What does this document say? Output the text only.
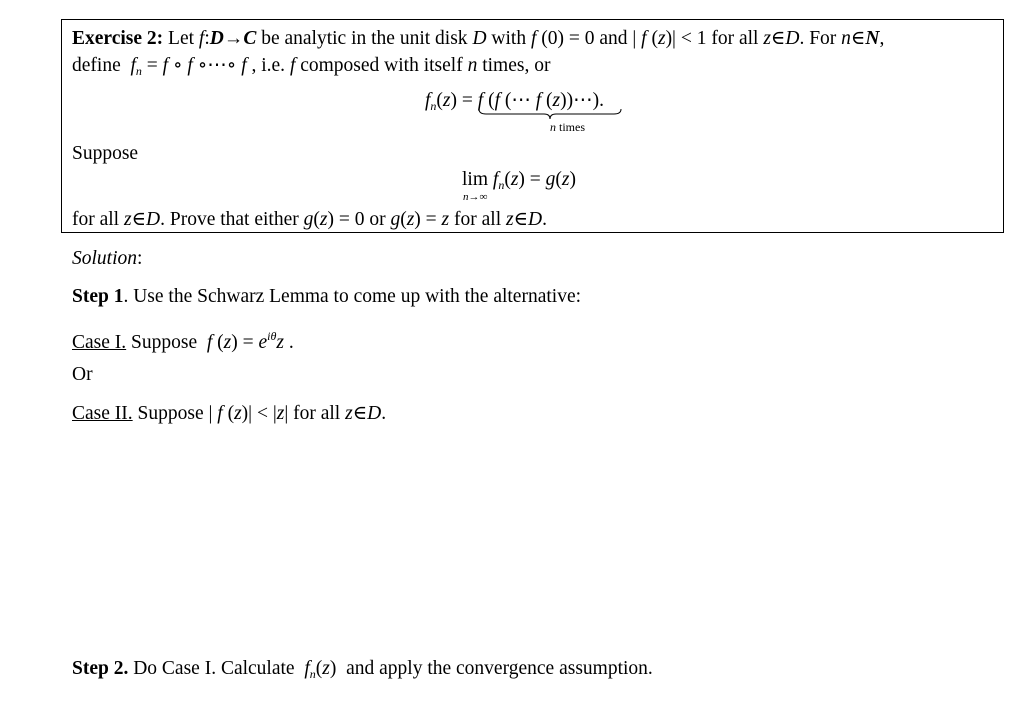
Exercise 2: Let f:D→C be analytic in the unit disk D with f (0) = 0 and | f (z)| < 1 for all z∈D. For n∈N,
define  $f_n = f$ ∘ f ∘⋯∘ f , i.e. f composed with itself n times, or
$f_n(z) = f$ (f (⋯ f (z))⋯)
.
n times
Suppose
$\lim f_n(z) = g(z)$
n→∞
for all z∈D. Prove that either g(z) = 0 or g(z) = z for all z∈D.
Solution:
Step 1. Use the Schwarz Lemma to come up with the alternative:
Case I. Suppose  f $(z) = e^{i\theta}z$ .
Or
Case II. Suppose | f (z)| < |z| for all z∈D.
Step 2. Do Case I. Calculate  $f_n(z)$  and apply the convergence assumption.
